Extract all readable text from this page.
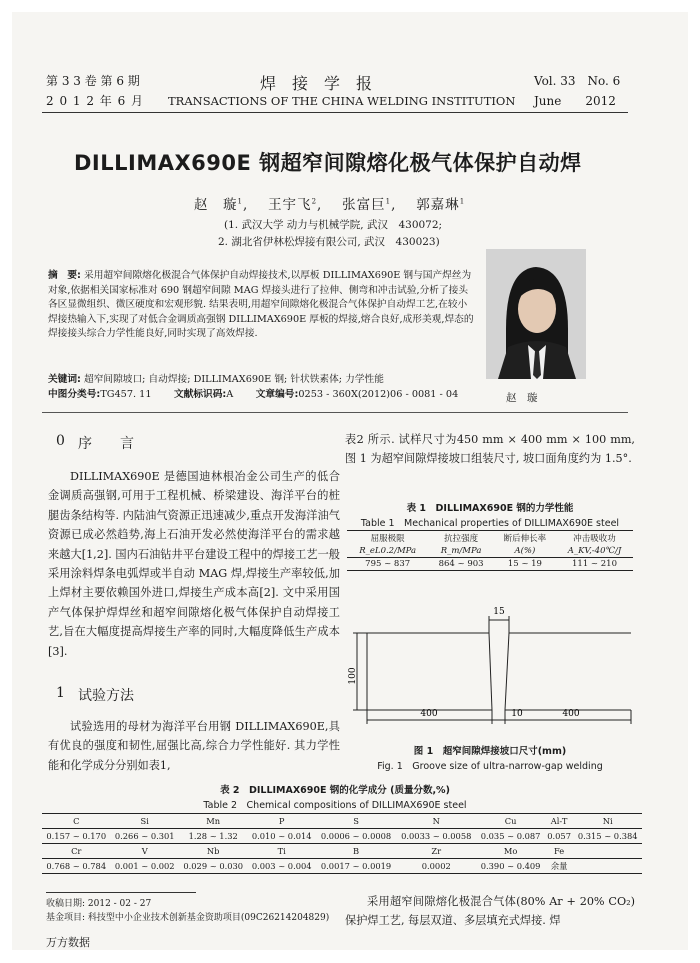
第 3 3 卷 第 6 期
2 0 1 2 年 6 月
焊　接　学　报
TRANSACTIONS OF THE CHINA WELDING INSTITUTION
Vol. 33　No. 6
June　　2012
DILLIMAX690E 钢超窄间隙熔化极气体保护自动焊
赵　璇$^1$,　 王宇飞$^2$,　 张富巨$^1$,　 郭嘉琳$^1$
(1. 武汉大学 动力与机械学院, 武汉　430072;
2. 湖北省伊林松焊接有限公司, 武汉　430023)
赵　璇
摘　要: 采用超窄间隙熔化极混合气体保护自动焊接技术,以厚板 DILLIMAX690E 钢与国产焊丝为对象,依据相关国家标准对 690 钢超窄间隙 MAG 焊接头进行了拉伸、侧弯和冲击试验,分析了接头各区显微组织、微区硬度和宏观形貌. 结果表明,用超窄间隙熔化极混合气体保护自动焊工艺,在较小焊接热输入下,实现了对低合金调质高强钢 DILLIMAX690E 厚板的焊接,熔合良好,成形美观,焊态的焊接接头综合力学性能良好,同时实现了高效焊接.
关键词: 超窄间隙坡口; 自动焊接; DILLIMAX690E 钢; 针状铁素体; 力学性能
中图分类号:TG457. 11　　 文献标识码:A　　 文章编号:0253 - 360X(2012)06 - 0081 - 04
0 序　　言
DILLIMAX690E 是德国迪林根冶金公司生产的低合金调质高强钢,可用于工程机械、桥梁建设、海洋平台的桩腿齿条结构等. 内陆油气资源正迅速减少,重点开发海洋油气资源已成必然趋势,海上石油开发必然使海洋平台的需求越来越大[1,2]. 国内石油钻井平台建设工程中的焊接工艺一般采用涂料焊条电弧焊或半自动 MAG 焊,焊接生产率较低,加上焊材主要依赖国外进口,焊接生产成本高[2]. 文中采用国产气体保护焊焊丝和超窄间隙熔化极气体保护自动焊接工艺,旨在大幅度提高焊接生产率的同时,大幅度降低生产成本[3].
1 试验方法
试验选用的母材为海洋平台用钢 DILLIMAX690E,具有优良的强度和韧性,屈强比高,综合力学性能好. 其力学性能和化学成分分别如表1,
表2 所示. 试样尺寸为450 mm × 400 mm × 100 mm, 图 1 为超窄间隙焊接坡口组装尺寸, 坡口面角度约为 1.5°.
表 1　DILLIMAX690E 钢的力学性能
Table 1　Mechanical properties of DILLIMAX690E steel
屈服极限	抗拉强度	断后伸长率	冲击吸收功
R_eL0.2/MPa	R_m/MPa	A(%)	A_KV,-40℃/J
795 ~ 837	864 ~ 903	15 ~ 19	111 ~ 210
15
100
400	10	400
图 1　超窄间隙焊接坡口尺寸(mm)
Fig. 1　Groove size of ultra-narrow-gap welding
表 2　DILLIMAX690E 钢的化学成分 (质量分数,%)
Table 2　Chemical compositions of DILLIMAX690E steel
C	Si	Mn	P	S	N	Cu	Al-T	Ni
0.157 ~ 0.170	0.266 ~ 0.301	1.28 ~ 1.32	0.010 ~ 0.014	0.0006 ~ 0.0008	0.0033 ~ 0.0058	0.035 ~ 0.087	0.057	0.315 ~ 0.384
Cr	V	Nb	Ti	B	Zr	Mo	Fe	
0.768 ~ 0.784	0.001 ~ 0.002	0.029 ~ 0.030	0.003 ~ 0.004	0.0017 ~ 0.0019	0.0002	0.390 ~ 0.409	余量	
收稿日期: 2012 - 02 - 27
基金项目: 科技型中小企业技术创新基金资助项目(09C26214204829)
采用超窄间隙熔化极混合气体(80% Ar + 20% CO₂)保护焊工艺, 每层双道、多层填充式焊接. 焊
万方数据
